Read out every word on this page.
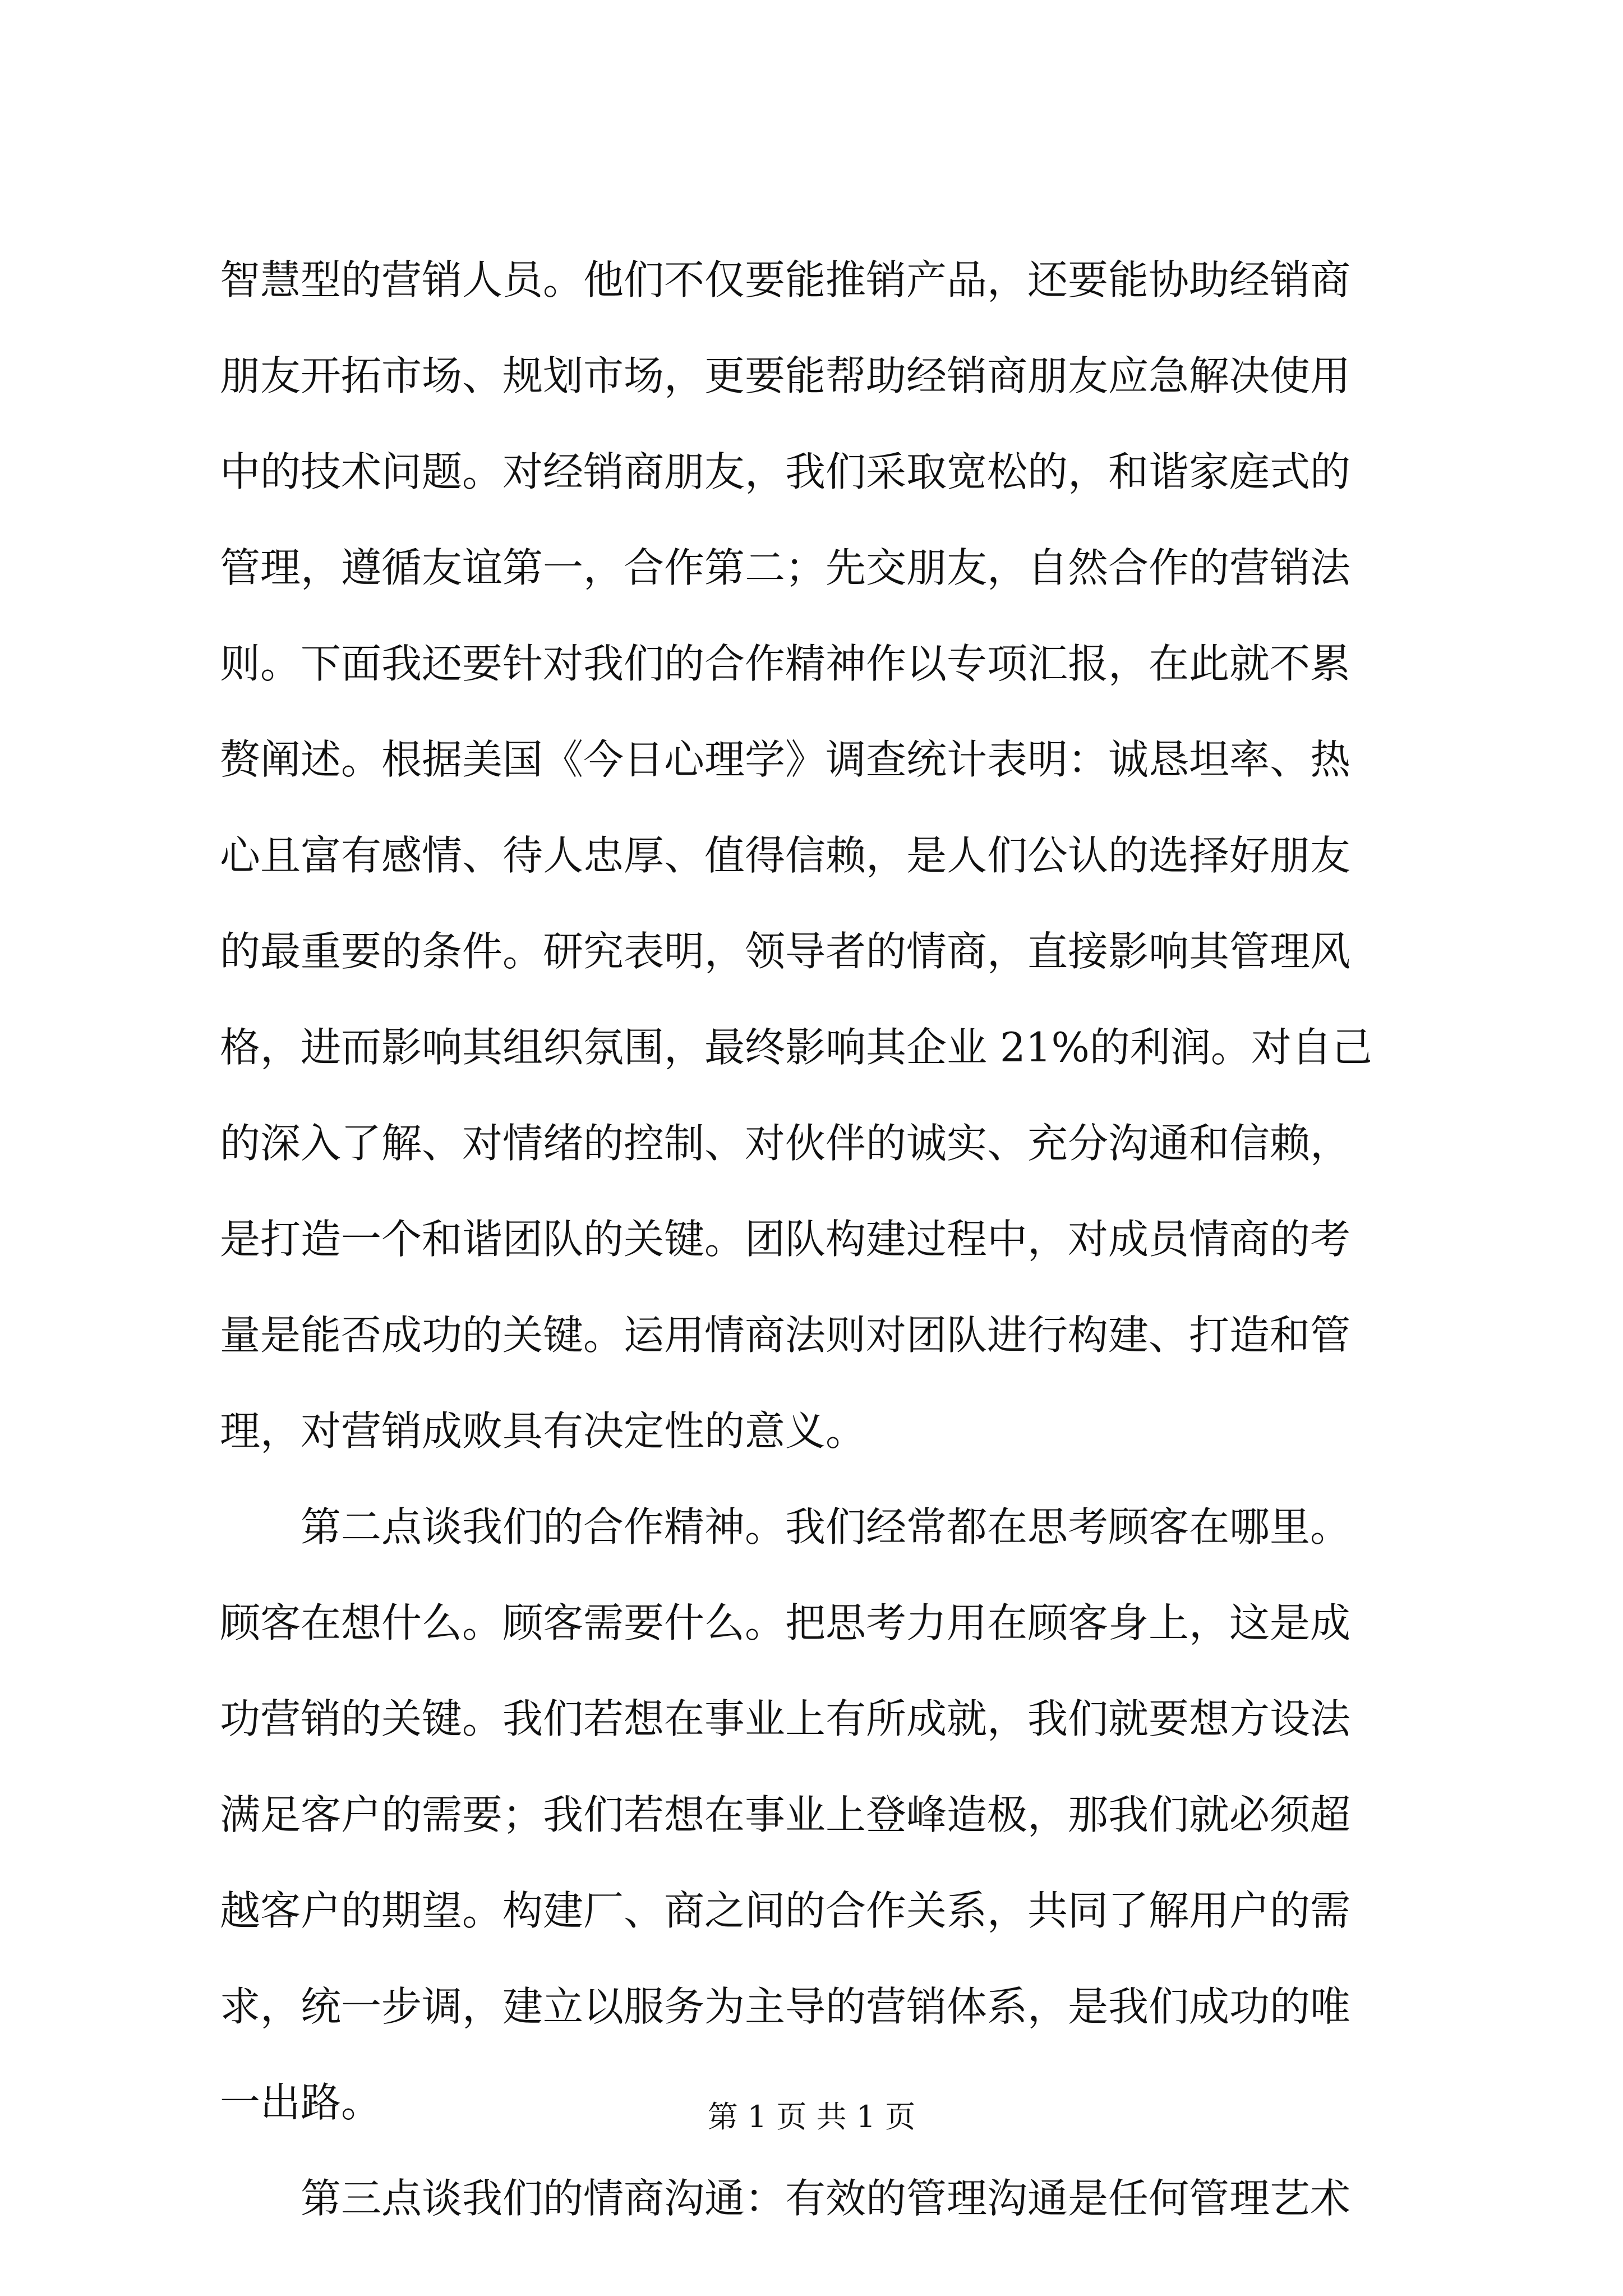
智慧型的营销人员。他们不仅要能推销产品，还要能协助经销商
朋友开拓市场、规划市场，更要能帮助经销商朋友应急解决使用
中的技术问题。对经销商朋友，我们采取宽松的，和谐家庭式的
管理，遵循友谊第一，合作第二；先交朋友，自然合作的营销法
则。下面我还要针对我们的合作精神作以专项汇报，在此就不累
赘阐述。根据美国《今日心理学》调查统计表明：诚恳坦率、热
心且富有感情、待人忠厚、值得信赖，是人们公认的选择好朋友
的最重要的条件。研究表明，领导者的情商，直接影响其管理风
格，进而影响其组织氛围，最终影响其企业 21%的利润。对自己
的深入了解、对情绪的控制、对伙伴的诚实、充分沟通和信赖，
是打造一个和谐团队的关键。团队构建过程中，对成员情商的考
量是能否成功的关键。运用情商法则对团队进行构建、打造和管
理，对营销成败具有决定性的意义。
第二点谈我们的合作精神。我们经常都在思考顾客在哪里。
顾客在想什么。顾客需要什么。把思考力用在顾客身上，这是成
功营销的关键。我们若想在事业上有所成就，我们就要想方设法
满足客户的需要；我们若想在事业上登峰造极，那我们就必须超
越客户的期望。构建厂、商之间的合作关系，共同了解用户的需
求，统一步调，建立以服务为主导的营销体系，是我们成功的唯
一出路。
第三点谈我们的情商沟通：有效的管理沟通是任何管理艺术
第 1 页 共 1 页
